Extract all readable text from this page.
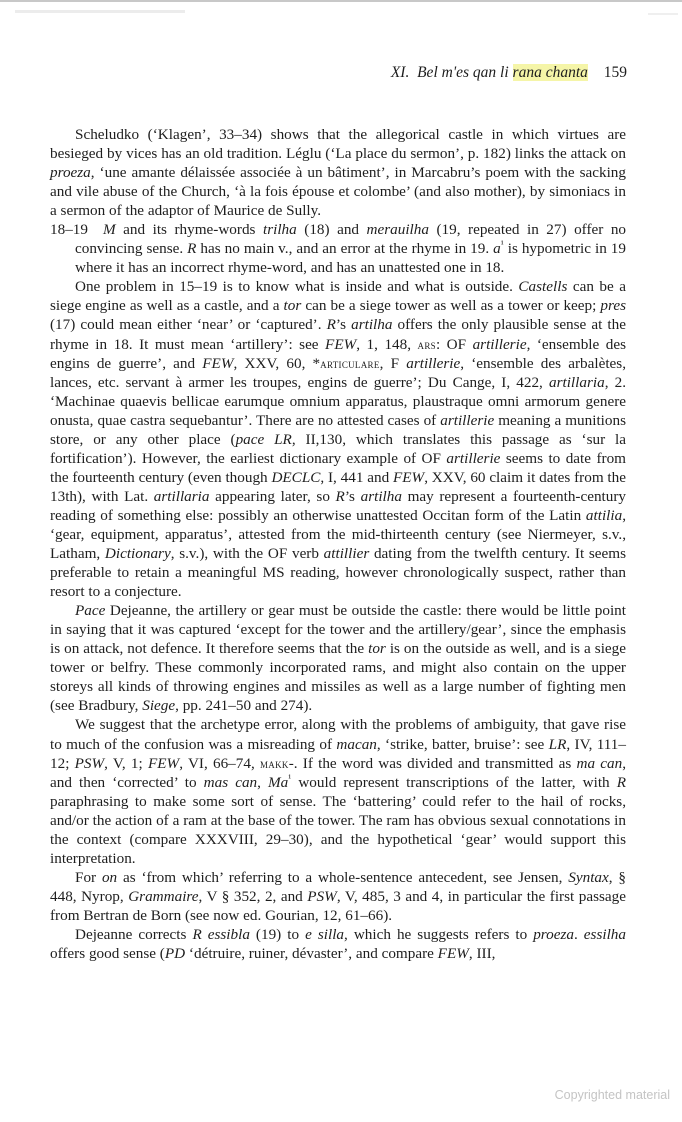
XI. Bel m'es qan li rana chanta 159

Scheludko (‘Klagen’, 33–34) shows that the allegorical castle in which virtues are besieged by vices has an old tradition. Léglu (‘La place du sermon’, p. 182) links the attack on proeza, ‘une amante délaissée associée à un bâtiment’, in Marcabru’s poem with the sacking and vile abuse of the Church, ‘à la fois épouse et colombe’ (and also mother), by simoniacs in a sermon of the adaptor of Maurice de Sully.

18–19 M and its rhyme-words trilha (18) and merauilha (19, repeated in 27) offer no convincing sense. R has no main v., and an error at the rhyme in 19. $a^{^1}$ is hypometric in 19 where it has an incorrect rhyme-word, and has an unattested one in 18.

One problem in 15–19 is to know what is inside and what is outside. Castells can be a siege engine as well as a castle, and a tor can be a siege tower as well as a tower or keep; pres (17) could mean either ‘near’ or ‘captured’. R’s artilha offers the only plausible sense at the rhyme in 18. It must mean ‘artillery’: see FEW, 1, 148, ars: OF artillerie, ‘ensemble des engins de guerre’, and FEW, XXV, 60, *articulare, F artillerie, ‘ensemble des arbalètes, lances, etc. servant à armer les troupes, engins de guerre’; Du Cange, I, 422, artillaria, 2. ‘Machinae quaevis bellicae earumque omnium apparatus, plaustraque omni armorum genere onusta, quae castra sequebantur’. There are no attested cases of artillerie meaning a munitions store, or any other place (pace LR, II,130, which translates this passage as ‘sur la fortification’). However, the earliest dictionary example of OF artillerie seems to date from the fourteenth century (even though DECLC, I, 441 and FEW, XXV, 60 claim it dates from the 13th), with Lat. artillaria appearing later, so R’s artilha may represent a fourteenth-century reading of something else: possibly an otherwise unattested Occitan form of the Latin attilia, ‘gear, equipment, apparatus’, attested from the mid-thirteenth century (see Niermeyer, s.v., Latham, Dictionary, s.v.), with the OF verb attillier dating from the twelfth century. It seems preferable to retain a meaningful MS reading, however chronologically suspect, rather than resort to a conjecture.

Pace Dejeanne, the artillery or gear must be outside the castle: there would be little point in saying that it was captured ‘except for the tower and the artillery/gear’, since the emphasis is on attack, not defence. It therefore seems that the tor is on the outside as well, and is a siege tower or belfry. These commonly incorporated rams, and might also contain on the upper storeys all kinds of throwing engines and missiles as well as a large number of fighting men (see Bradbury, Siege, pp. 241–50 and 274).

We suggest that the archetype error, along with the problems of ambiguity, that gave rise to much of the confusion was a misreading of macan, ‘strike, batter, bruise’: see LR, IV, 111–12; PSW, V, 1; FEW, VI, 66–74, makk-. If the word was divided and transmitted as ma can, and then ‘corrected’ to mas can, $Ma^{^1}$ would represent transcriptions of the latter, with R paraphrasing to make some sort of sense. The ‘battering’ could refer to the hail of rocks, and/or the action of a ram at the base of the tower. The ram has obvious sexual connotations in the context (compare XXXVIII, 29–30), and the hypothetical ‘gear’ would support this interpretation.

For on as ‘from which’ referring to a whole-sentence antecedent, see Jensen, Syntax, § 448, Nyrop, Grammaire, V § 352, 2, and PSW, V, 485, 3 and 4, in particular the first passage from Bertran de Born (see now ed. Gourian, 12, 61–66).

Dejeanne corrects R essibla (19) to e silla, which he suggests refers to proeza. essilha offers good sense (PD ‘détruire, ruiner, dévaster’, and compare FEW, III,

Copyrighted material
